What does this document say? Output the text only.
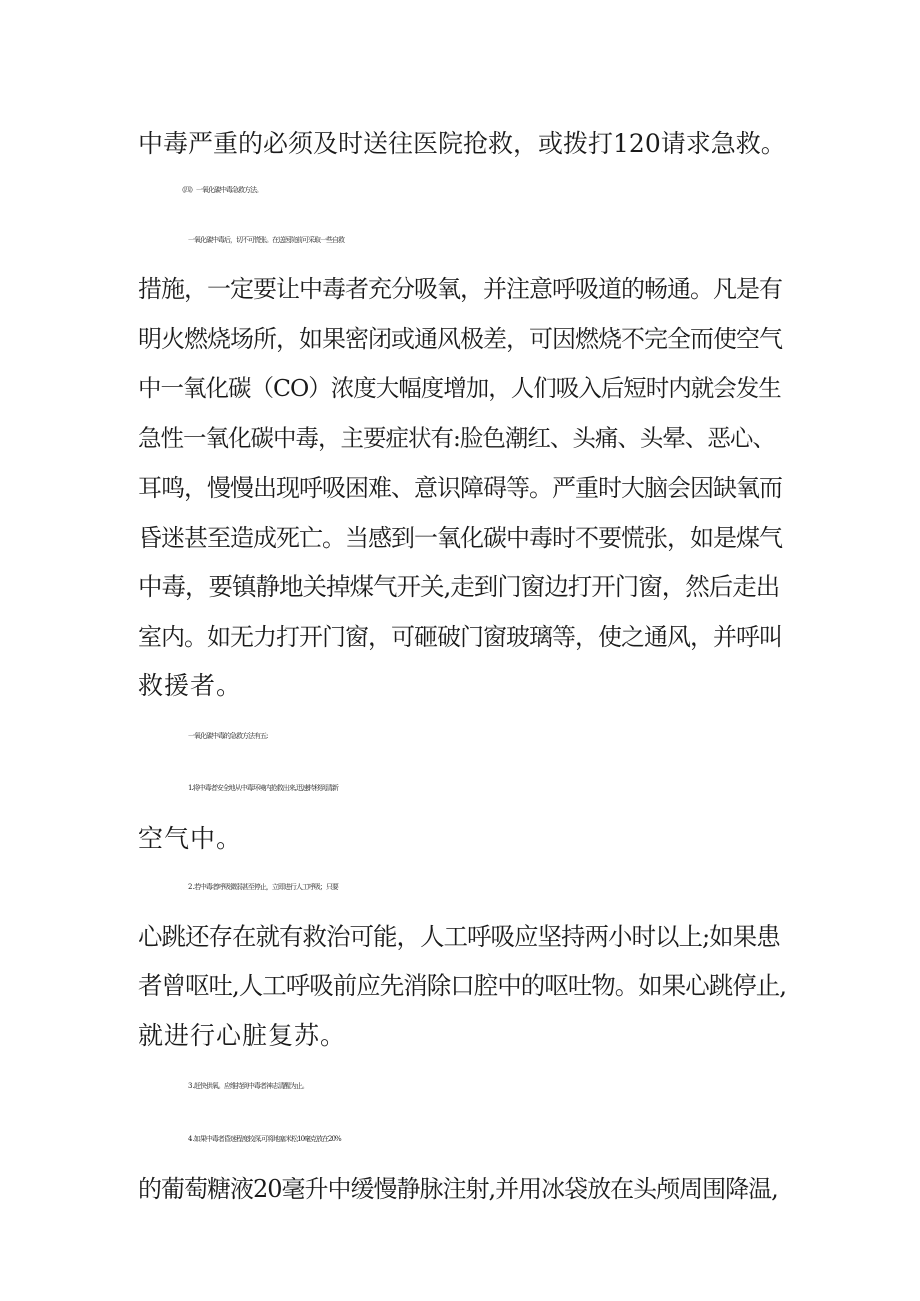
中毒严重的必须及时送往医院抢救，或拨打120请求急救。
（四）一氧化碳中毒急救方法。
一氧化碳中毒后，切不可慌张。在送医院前可采取一些自救
措施，一定要让中毒者充分吸氧，并注意呼吸道的畅通。凡是有
明火燃烧场所，如果密闭或通风极差，可因燃烧不完全而使空气
中一氧化碳（CO）浓度大幅度增加，人们吸入后短时内就会发生
急性一氧化碳中毒，主要症状有:脸色潮红、头痛、头晕、恶心、
耳鸣，慢慢出现呼吸困难、意识障碍等。严重时大脑会因缺氧而
昏迷甚至造成死亡。当感到一氧化碳中毒时不要慌张，如是煤气
中毒，要镇静地关掉煤气开关,走到门窗边打开门窗，然后走出
室内。如无力打开门窗，可砸破门窗玻璃等，使之通风，并呼叫
救援者。
一氧化碳中毒的急救方法有五:
1.将中毒者安全地从中毒环境内抢救出来,迅速转移到清新
空气中。
2 .若中毒者呼吸微弱甚至停止，立即进行人工呼吸；只要
心跳还存在就有救治可能，人工呼吸应坚持两小时以上;如果患
者曾呕吐,人工呼吸前应先消除口腔中的呕吐物。如果心跳停止,
就进行心脏复苏。
3 .赶快供氧。应维持到中毒者神志清醒为止。
4 .如果中毒者昏迷程度较深,可将地塞米松10毫克放在20%
的葡萄糖液20毫升中缓慢静脉注射,并用冰袋放在头颅周围降温,
